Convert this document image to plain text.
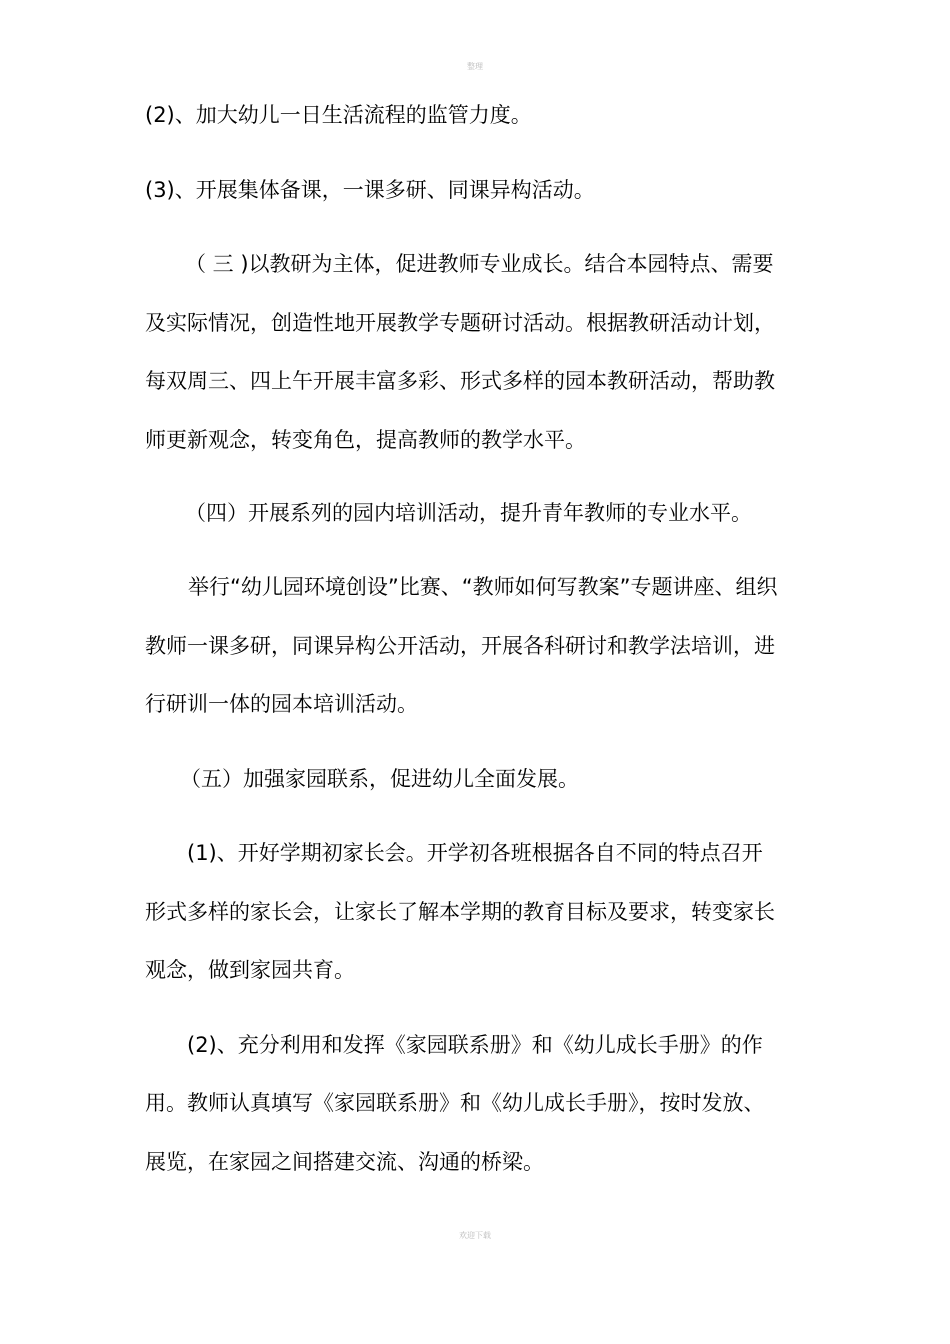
整理
(2)、加大幼儿一日生活流程的监管力度。
(3)、开展集体备课，一课多研、同课异构活动。
（ 三 )以教研为主体，促进教师专业成长。结合本园特点、需要
及实际情况，创造性地开展教学专题研讨活动。根据教研活动计划，
每双周三、四上午开展丰富多彩、形式多样的园本教研活动，帮助教
师更新观念，转变角色，提高教师的教学水平。
（四）开展系列的园内培训活动，提升青年教师的专业水平。
举行“幼儿园环境创设”比赛、“教师如何写教案”专题讲座、组织
教师一课多研，同课异构公开活动，开展各科研讨和教学法培训，进
行研训一体的园本培训活动。
（五）加强家园联系，促进幼儿全面发展。
(1)、开好学期初家长会。开学初各班根据各自不同的特点召开
形式多样的家长会，让家长了解本学期的教育目标及要求，转变家长
观念，做到家园共育。
(2)、充分利用和发挥《家园联系册》和《幼儿成长手册》的作
用。教师认真填写《家园联系册》和《幼儿成长手册》，按时发放、
展览，在家园之间搭建交流、沟通的桥梁。
欢迎下载
